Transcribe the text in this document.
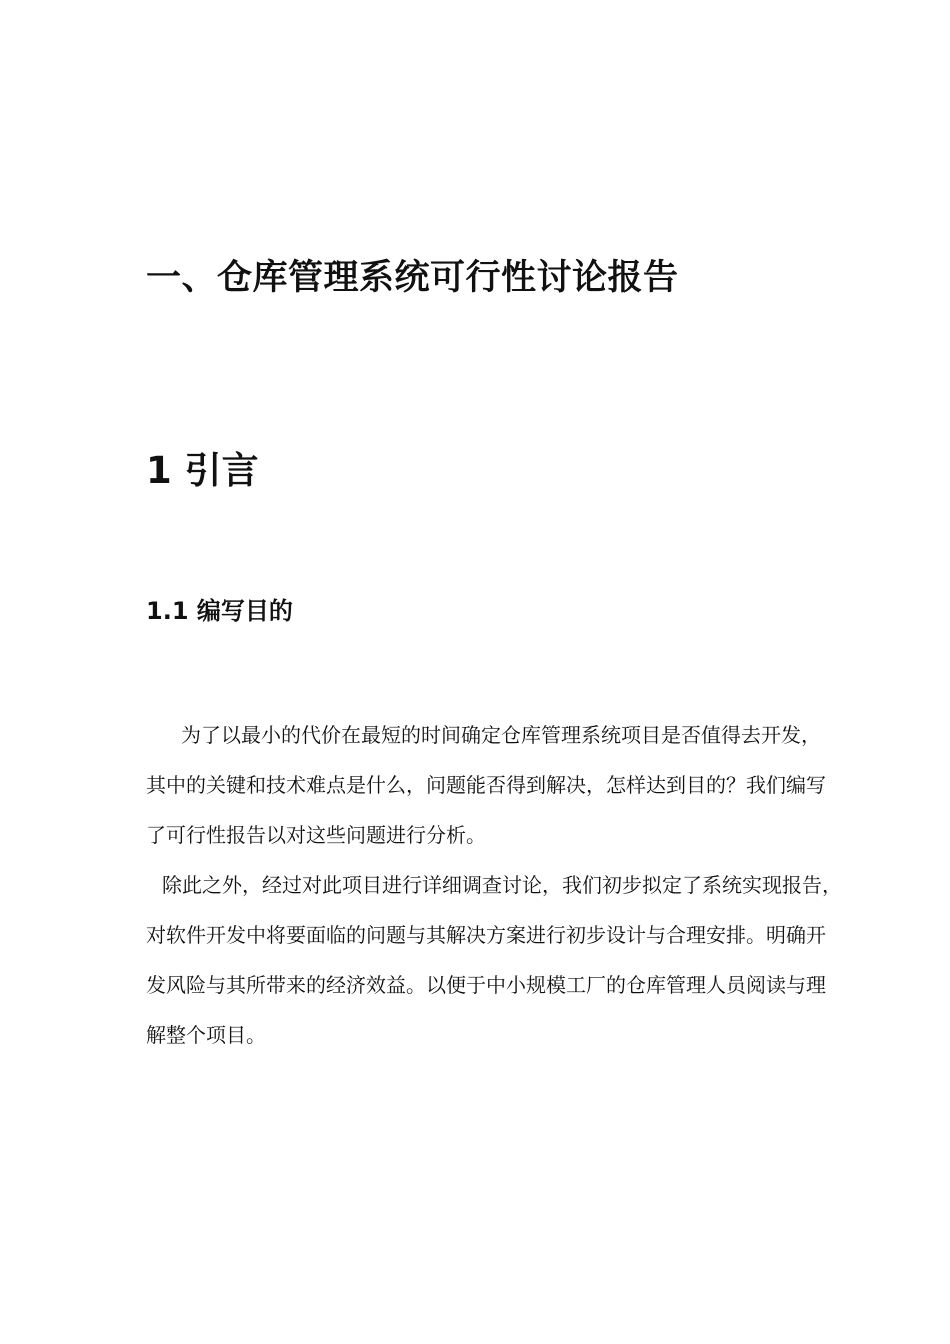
一、仓库管理系统可行性讨论报告
1 引言
1.1 编写目的

为了以最小的代价在最短的时间确定仓库管理系统项目是否值得去开发，

其中的关键和技术难点是什么，问题能否得到解决，怎样达到目的？我们编写

了可行性报告以对这些问题进行分析。

除此之外，经过对此项目进行详细调查讨论，我们初步拟定了系统实现报告，

对软件开发中将要面临的问题与其解决方案进行初步设计与合理安排。明确开

发风险与其所带来的经济效益。以便于中小规模工厂的仓库管理人员阅读与理

解整个项目。
